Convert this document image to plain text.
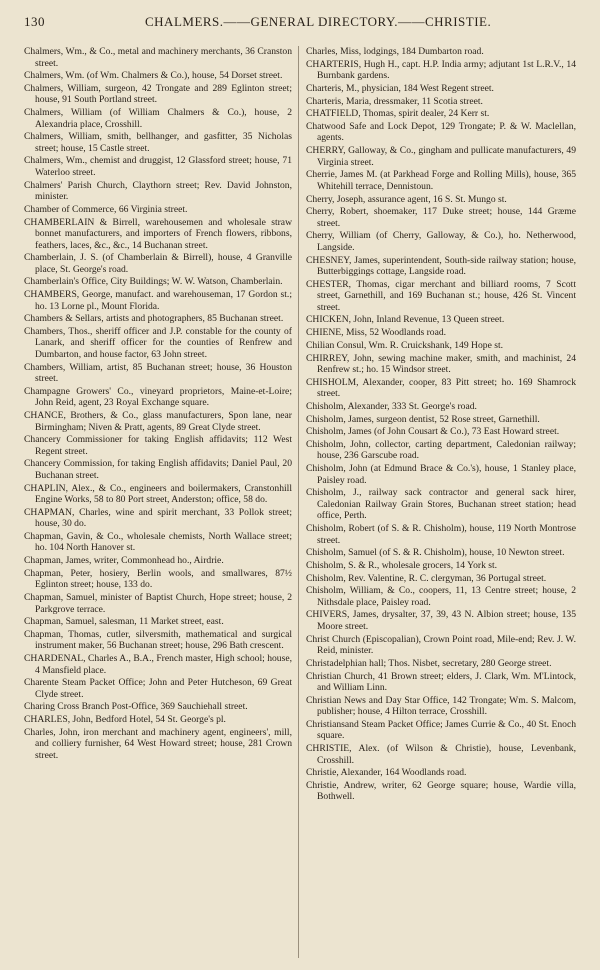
130	CHALMERS.——GENERAL DIRECTORY.——CHRISTIE.

Chalmers, Wm., & Co., metal and machinery merchants, 36 Cranston street.

Chalmers, Wm. (of Wm. Chalmers & Co.), house, 54 Dorset street.

Chalmers, William, surgeon, 42 Trongate and 289 Eglinton street; house, 91 South Portland street.

Chalmers, William (of William Chalmers & Co.), house, 2 Alexandria place, Crosshill.

Chalmers, William, smith, bellhanger, and gasfitter, 35 Nicholas street; house, 15 Castle street.

Chalmers, Wm., chemist and druggist, 12 Glassford street; house, 71 Waterloo street.

Chalmers' Parish Church, Claythorn street; Rev. David Johnston, minister.

Chamber of Commerce, 66 Virginia street.

CHAMBERLAIN & Birrell, warehousemen and wholesale straw bonnet manufacturers, and importers of French flowers, ribbons, feathers, laces, &c., &c., 14 Buchanan street.

Chamberlain, J. S. (of Chamberlain & Birrell), house, 4 Granville place, St. George's road.

Chamberlain's Office, City Buildings; W. W. Watson, Chamberlain.

CHAMBERS, George, manufact. and warehouseman, 17 Gordon st.; ho. 13 Lorne pl., Mount Florida.

Chambers & Sellars, artists and photographers, 85 Buchanan street.

Chambers, Thos., sheriff officer and J.P. constable for the county of Lanark, and sheriff officer for the counties of Renfrew and Dumbarton, and house factor, 63 John street.

Chambers, William, artist, 85 Buchanan street; house, 36 Houston street.

Champagne Growers' Co., vineyard proprietors, Maine-et-Loire; John Reid, agent, 23 Royal Exchange square.

CHANCE, Brothers, & Co., glass manufacturers, Spon lane, near Birmingham; Niven & Pratt, agents, 89 Great Clyde street.

Chancery Commissioner for taking English affidavits; 112 West Regent street.

Chancery Commission, for taking English affidavits; Daniel Paul, 20 Buchanan street.

CHAPLIN, Alex., & Co., engineers and boilermakers, Cranstonhill Engine Works, 58 to 80 Port street, Anderston; office, 58 do.

CHAPMAN, Charles, wine and spirit merchant, 33 Pollok street; house, 30 do.

Chapman, Gavin, & Co., wholesale chemists, North Wallace street; ho. 104 North Hanover st.

Chapman, James, writer, Commonhead ho., Airdrie.

Chapman, Peter, hosiery, Berlin wools, and smallwares, 87½ Eglinton street; house, 133 do.

Chapman, Samuel, minister of Baptist Church, Hope street; house, 2 Parkgrove terrace.

Chapman, Samuel, salesman, 11 Market street, east.

Chapman, Thomas, cutler, silversmith, mathematical and surgical instrument maker, 56 Buchanan street; house, 296 Bath crescent.

CHARDENAL, Charles A., B.A., French master, High school; house, 4 Mansfield place.

Charente Steam Packet Office; John and Peter Hutcheson, 69 Great Clyde street.

Charing Cross Branch Post-Office, 369 Sauchiehall street.

CHARLES, John, Bedford Hotel, 54 St. George's pl.

Charles, John, iron merchant and machinery agent, engineers', mill, and colliery furnisher, 64 West Howard street; house, 281 Crown street.

Charles, Miss, lodgings, 184 Dumbarton road.

CHARTERIS, Hugh H., capt. H.P. India army; adjutant 1st L.R.V., 14 Burnbank gardens.

Charteris, M., physician, 184 West Regent street.

Charteris, Maria, dressmaker, 11 Scotia street.

CHATFIELD, Thomas, spirit dealer, 24 Kerr st.

Chatwood Safe and Lock Depot, 129 Trongate; P. & W. Maclellan, agents.

CHERRY, Galloway, & Co., gingham and pullicate manufacturers, 49 Virginia street.

Cherrie, James M. (at Parkhead Forge and Rolling Mills), house, 365 Whitehill terrace, Dennistoun.

Cherry, Joseph, assurance agent, 16 S. St. Mungo st.

Cherry, Robert, shoemaker, 117 Duke street; house, 144 Græme street.

Cherry, William (of Cherry, Galloway, & Co.), ho. Netherwood, Langside.

CHESNEY, James, superintendent, South-side railway station; house, Butterbiggings cottage, Langside road.

CHESTER, Thomas, cigar merchant and billiard rooms, 7 Scott street, Garnethill, and 169 Buchanan st.; house, 426 St. Vincent street.

CHICKEN, John, Inland Revenue, 13 Queen street.

CHIENE, Miss, 52 Woodlands road.

Chilian Consul, Wm. R. Cruickshank, 149 Hope st.

CHIRREY, John, sewing machine maker, smith, and machinist, 24 Renfrew st.; ho. 15 Windsor street.

CHISHOLM, Alexander, cooper, 83 Pitt street; ho. 169 Shamrock street.

Chisholm, Alexander, 333 St. George's road.

Chisholm, James, surgeon dentist, 52 Rose street, Garnethill.

Chisholm, James (of John Cousart & Co.), 73 East Howard street.

Chisholm, John, collector, carting department, Caledonian railway; house, 236 Garscube road.

Chisholm, John (at Edmund Brace & Co.'s), house, 1 Stanley place, Paisley road.

Chisholm, J., railway sack contractor and general sack hirer, Caledonian Railway Grain Stores, Buchanan street station; head office, Perth.

Chisholm, Robert (of S. & R. Chisholm), house, 119 North Montrose street.

Chisholm, Samuel (of S. & R. Chisholm), house, 10 Newton street.

Chisholm, S. & R., wholesale grocers, 14 York st.

Chisholm, Rev. Valentine, R. C. clergyman, 36 Portugal street.

Chisholm, William, & Co., coopers, 11, 13 Centre street; house, 2 Nithsdale place, Paisley road.

CHIVERS, James, drysalter, 37, 39, 43 N. Albion street; house, 135 Moore street.

Christ Church (Episcopalian), Crown Point road, Mile-end; Rev. J. W. Reid, minister.

Christadelphian hall; Thos. Nisbet, secretary, 280 George street.

Christian Church, 41 Brown street; elders, J. Clark, Wm. M'Lintock, and William Linn.

Christian News and Day Star Office, 142 Trongate; Wm. S. Malcom, publisher; house, 4 Hilton terrace, Crosshill.

Christiansand Steam Packet Office; James Currie & Co., 40 St. Enoch square.

CHRISTIE, Alex. (of Wilson & Christie), house, Levenbank, Crosshill.

Christie, Alexander, 164 Woodlands road.

Christie, Andrew, writer, 62 George square; house, Wardie villa, Bothwell.
